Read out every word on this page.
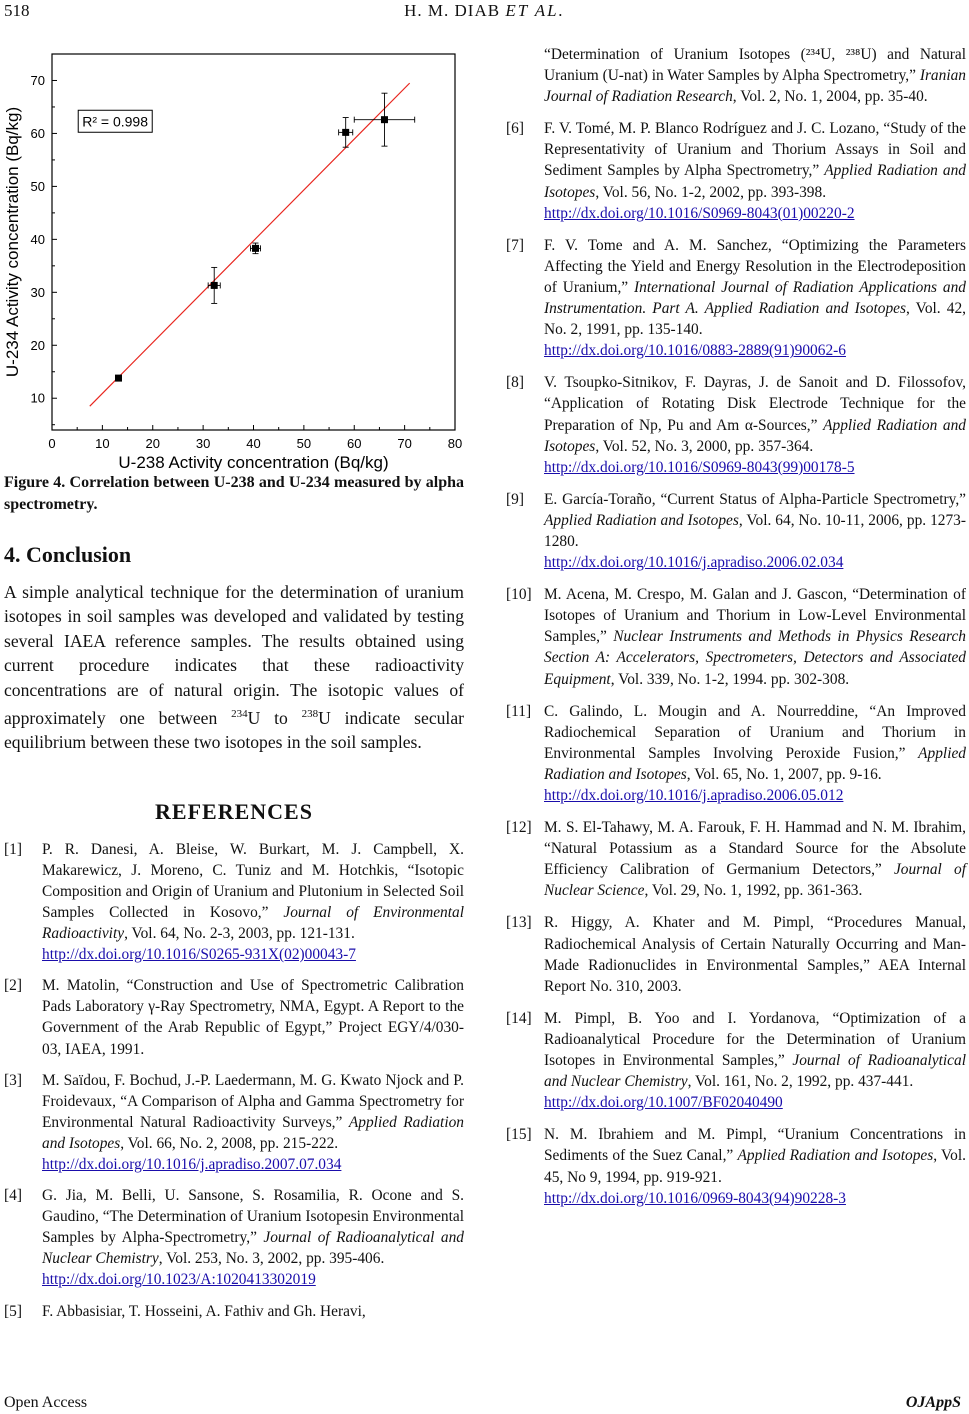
518	H. M. DIAB ET AL.
0	10	20	30	40	50	60	70	80
10
20
30
40
50
60
70
U-238 Activity concentration (Bq/kg)
U-234 Activity concentration (Bq/kg)	R² = 0.998
Figure 4. Correlation between U-238 and U-234 measured by alpha spectrometry.
4. Conclusion

A simple analytical technique for the determination of uranium isotopes in soil samples was developed and validated by testing several IAEA reference samples. The results obtained using current procedure indicates that these radioactivity concentrations are of natural origin. The isotopic values of approximately one between $^{234}$U to $^{238}$U indicate secular equilibrium between these two isotopes in the soil samples.

REFERENCES
[1] P. R. Danesi, A. Bleise, W. Burkart, M. J. Campbell, X. Makarewicz, J. Moreno, C. Tuniz and M. Hotchkis, “Isotopic Composition and Origin of Uranium and Plutonium in Selected Soil Samples Collected in Kosovo,” Journal of Environmental Radioactivity, Vol. 64, No. 2-3, 2003, pp. 121-131.
http://dx.doi.org/10.1016/S0265-931X(02)00043-7
[2] M. Matolin, “Construction and Use of Spectrometric Calibration Pads Laboratory γ-Ray Spectrometry, NMA, Egypt. A Report to the Government of the Arab Republic of Egypt,” Project EGY/4/030-03, IAEA, 1991.
[3] M. Saïdou, F. Bochud, J.-P. Laedermann, M. G. Kwato Njock and P. Froidevaux, “A Comparison of Alpha and Gamma Spectrometry for Environmental Natural Radioactivity Surveys,” Applied Radiation and Isotopes, Vol. 66, No. 2, 2008, pp. 215-222.
http://dx.doi.org/10.1016/j.apradiso.2007.07.034
[4] G. Jia, M. Belli, U. Sansone, S. Rosamilia, R. Ocone and S. Gaudino, “The Determination of Uranium Isotopesin Environmental Samples by Alpha-Spectrometry,” Journal of Radioanalytical and Nuclear Chemistry, Vol. 253, No. 3, 2002, pp. 395-406.
http://dx.doi.org/10.1023/A:1020413302019
[5] F. Abbasisiar, T. Hosseini, A. Fathiv and Gh. Heravi,
“Determination of Uranium Isotopes (²³⁴U, ²³⁸U) and Natural Uranium (U-nat) in Water Samples by Alpha Spectrometry,” Iranian Journal of Radiation Research, Vol. 2, No. 1, 2004, pp. 35-40.
[6] F. V. Tomé, M. P. Blanco Rodríguez and J. C. Lozano, “Study of the Representativity of Uranium and Thorium Assays in Soil and Sediment Samples by Alpha Spectrometry,” Applied Radiation and Isotopes, Vol. 56, No. 1-2, 2002, pp. 393-398.
http://dx.doi.org/10.1016/S0969-8043(01)00220-2
[7] F. V. Tome and A. M. Sanchez, “Optimizing the Parameters Affecting the Yield and Energy Resolution in the Electrodeposition of Uranium,” International Journal of Radiation Applications and Instrumentation. Part A. Applied Radiation and Isotopes, Vol. 42, No. 2, 1991, pp. 135-140.
http://dx.doi.org/10.1016/0883-2889(91)90062-6
[8] V. Tsoupko-Sitnikov, F. Dayras, J. de Sanoit and D. Filossofov, “Application of Rotating Disk Electrode Technique for the Preparation of Np, Pu and Am α-Sources,” Applied Radiation and Isotopes, Vol. 52, No. 3, 2000, pp. 357-364.
http://dx.doi.org/10.1016/S0969-8043(99)00178-5
[9] E. García-Toraño, “Current Status of Alpha-Particle Spectrometry,” Applied Radiation and Isotopes, Vol. 64, No. 10-11, 2006, pp. 1273-1280.
http://dx.doi.org/10.1016/j.apradiso.2006.02.034
[10] M. Acena, M. Crespo, M. Galan and J. Gascon, “Determination of Isotopes of Uranium and Thorium in Low-Level Environmental Samples,” Nuclear Instruments and Methods in Physics Research Section A: Accelerators, Spectrometers, Detectors and Associated Equipment, Vol. 339, No. 1-2, 1994. pp. 302-308.
[11] C. Galindo, L. Mougin and A. Nourreddine, “An Improved Radiochemical Separation of Uranium and Thorium in Environmental Samples Involving Peroxide Fusion,” Applied Radiation and Isotopes, Vol. 65, No. 1, 2007, pp. 9-16.
http://dx.doi.org/10.1016/j.apradiso.2006.05.012
[12] M. S. El-Tahawy, M. A. Farouk, F. H. Hammad and N. M. Ibrahim, “Natural Potassium as a Standard Source for the Absolute Efficiency Calibration of Germanium Detectors,” Journal of Nuclear Science, Vol. 29, No. 1, 1992, pp. 361-363.
[13] R. Higgy, A. Khater and M. Pimpl, “Procedures Manual, Radiochemical Analysis of Certain Naturally Occurring and Man-Made Radionuclides in Environmental Samples,” AEA Internal Report No. 310, 2003.
[14] M. Pimpl, B. Yoo and I. Yordanova, “Optimization of a Radioanalytical Procedure for the Determination of Uranium Isotopes in Environmental Samples,” Journal of Radioanalytical and Nuclear Chemistry, Vol. 161, No. 2, 1992, pp. 437-441.
http://dx.doi.org/10.1007/BF02040490
[15] N. M. Ibrahiem and M. Pimpl, “Uranium Concentrations in Sediments of the Suez Canal,” Applied Radiation and Isotopes, Vol. 45, No 9, 1994, pp. 919-921.
http://dx.doi.org/10.1016/0969-8043(94)90228-3
Open Access	OJAppS
